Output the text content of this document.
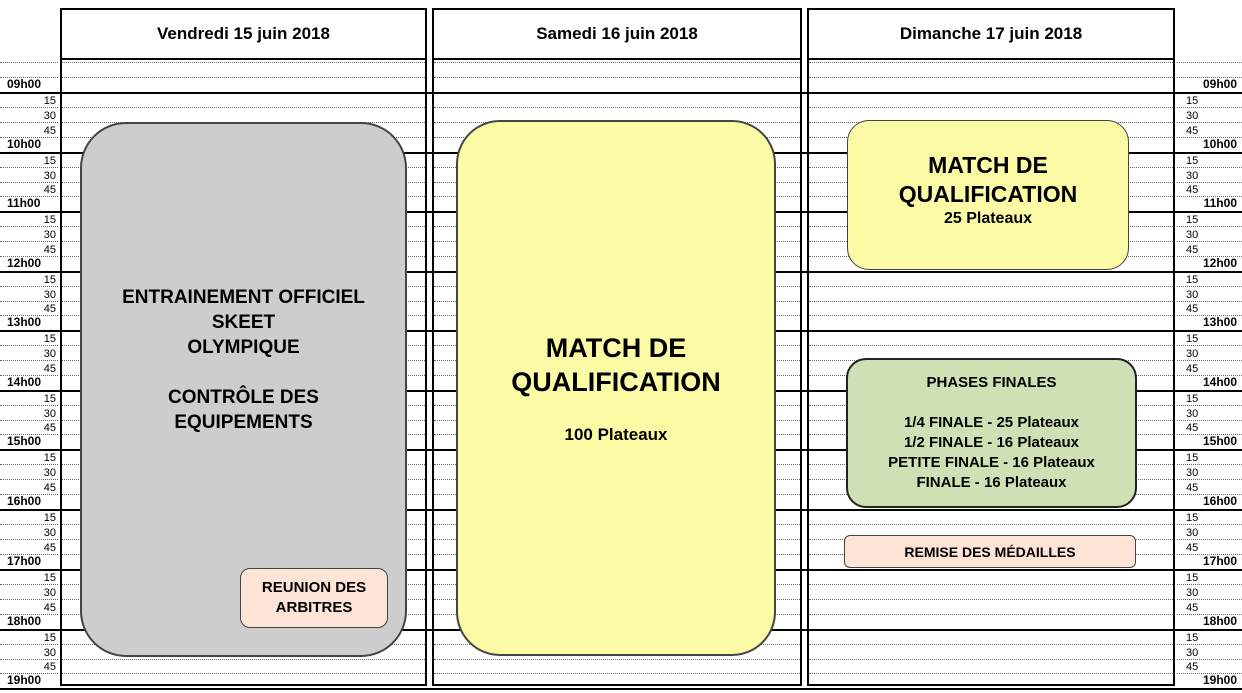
Vendredi 15 juin 2018	Samedi 16 juin 2018	Dimanche 17 juin 2018
09h00	09h00
15	15
30	30
45	45
10h00	10h00
15	15
30	30
45	45
11h00	11h00
15	15
30	30
45	45
12h00	12h00
15	15
30	30
45	45
13h00	13h00
15	15
30	30
45	45
14h00	14h00
15	15
30	30
45	45
15h00	15h00
15	15
30	30
45	45
16h00	16h00
15	15
30	30
45	45
17h00	17h00
15	15
30	30
45	45
18h00	18h00
15	15
30	30
45	45
19h00	19h00
ENTRAINEMENT OFFICIEL
SKEET
OLYMPIQUE
CONTRÔLE DES
EQUIPEMENTS
REUNION DES
ARBITRES
MATCH DE
QUALIFICATION
100 Plateaux
MATCH DE
QUALIFICATION
25 Plateaux
PHASES FINALES
1/4 FINALE - 25 Plateaux
1/2 FINALE - 16 Plateaux
PETITE FINALE - 16 Plateaux
FINALE - 16 Plateaux
REMISE DES MÉDAILLES
